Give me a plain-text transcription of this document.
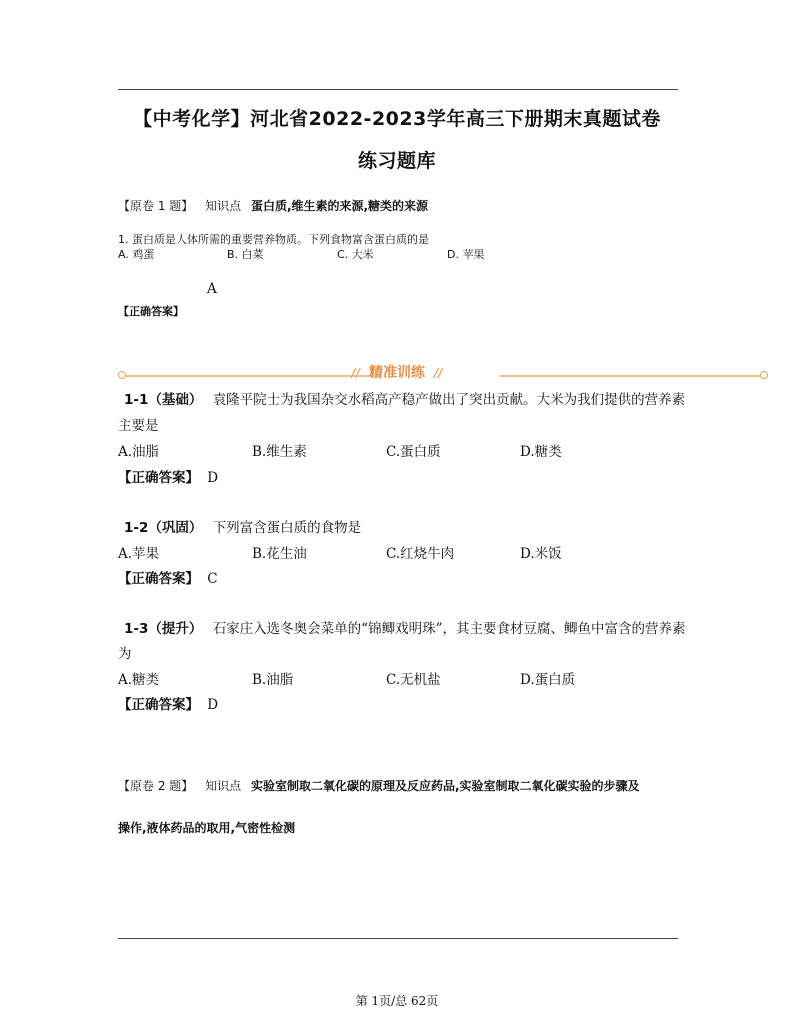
【中考化学】河北省2022-2023学年高三下册期末真题试卷
练习题库
【原卷 1 题】 知识点 蛋白质,维生素的来源,糖类的来源
1. 蛋白质是人体所需的重要营养物质。下列食物富含蛋白质的是
A. 鸡蛋	B. 白菜	C. 大米	D. 苹果
A
【正确答案】
// 精准训练 //
1-1（基础） 袁隆平院士为我国杂交水稻高产稳产做出了突出贡献。大米为我们提供的营养素
主要是
A.油脂	B.维生素	C.蛋白质	D.糖类
【正确答案】 D
1-2（巩固） 下列富含蛋白质的食物是
A.苹果	B.花生油	C.红烧牛肉	D.米饭
【正确答案】 C
1-3（提升） 石家庄入选冬奥会菜单的“锦鲫戏明珠”，其主要食材豆腐、鲫鱼中富含的营养素
为
A.糖类	B.油脂	C.无机盐	D.蛋白质
【正确答案】 D
【原卷 2 题】 知识点 实验室制取二氧化碳的原理及反应药品,实验室制取二氧化碳实验的步骤及
操作,液体药品的取用,气密性检测
第 1页/总 62页
